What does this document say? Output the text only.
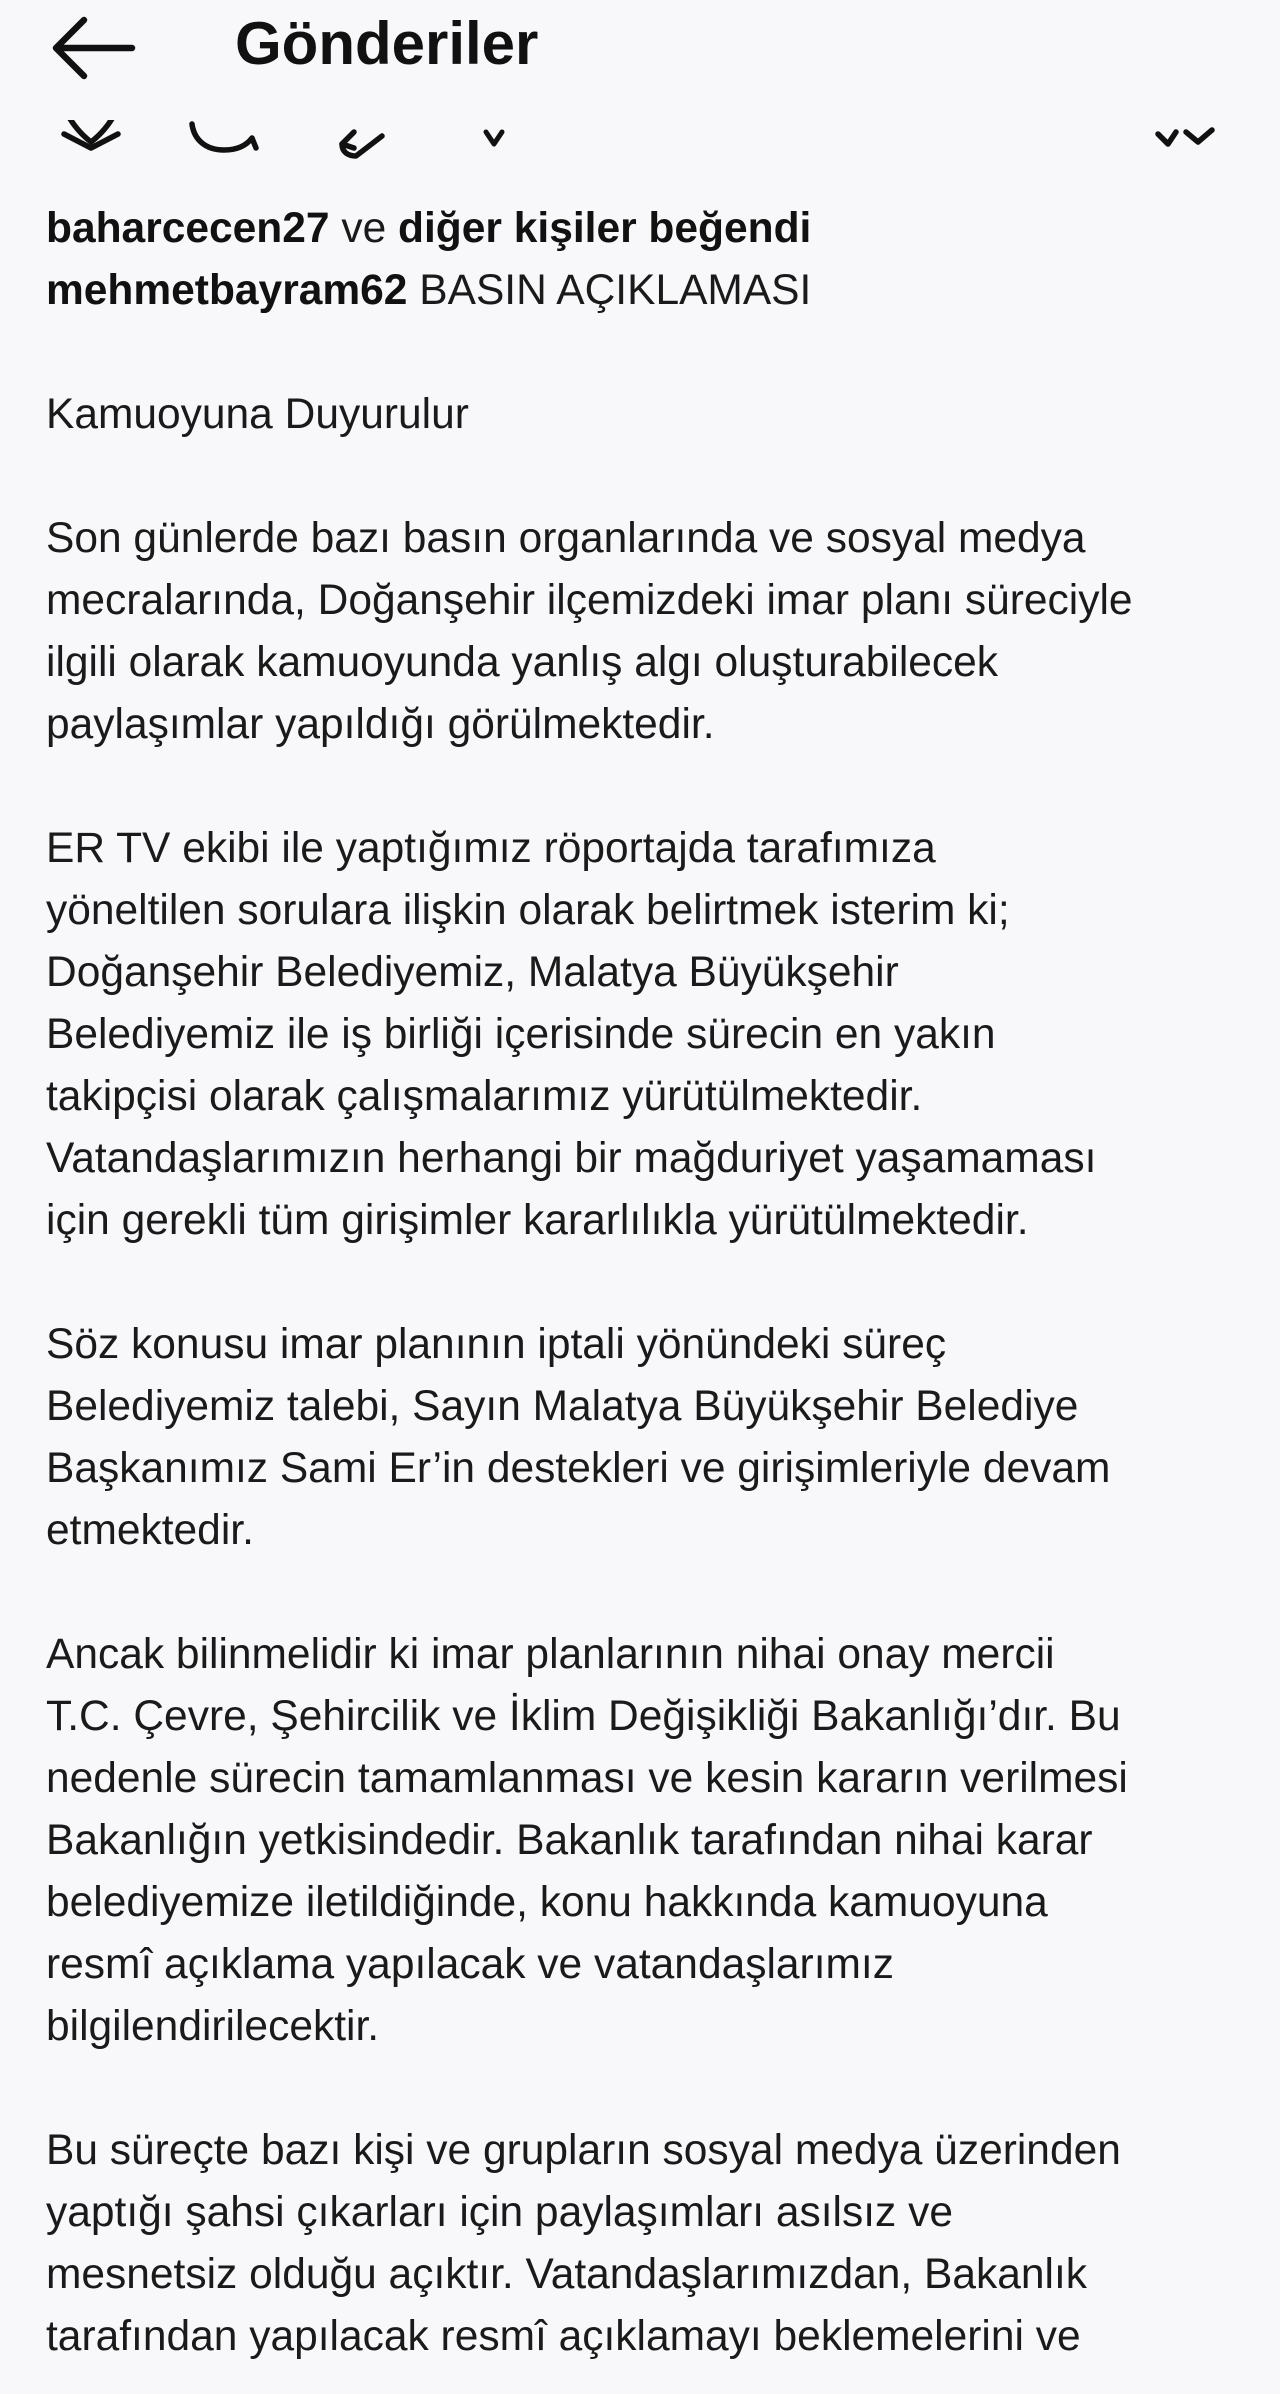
Gönderiler
baharcecen27 ve diğer kişiler beğendi
mehmetbayram62 BASIN AÇIKLAMASI

Kamuoyuna Duyurulur

Son günlerde bazı basın organlarında ve sosyal medya
mecralarında, Doğanşehir ilçemizdeki imar planı süreciyle
ilgili olarak kamuoyunda yanlış algı oluşturabilecek
paylaşımlar yapıldığı görülmektedir.

ER TV ekibi ile yaptığımız röportajda tarafımıza
yöneltilen sorulara ilişkin olarak belirtmek isterim ki;
Doğanşehir Belediyemiz, Malatya Büyükşehir
Belediyemiz ile iş birliği içerisinde sürecin en yakın
takipçisi olarak çalışmalarımız yürütülmektedir.
Vatandaşlarımızın herhangi bir mağduriyet yaşamaması
için gerekli tüm girişimler kararlılıkla yürütülmektedir.

Söz konusu imar planının iptali yönündeki süreç
Belediyemiz talebi, Sayın Malatya Büyükşehir Belediye
Başkanımız Sami Er’in destekleri ve girişimleriyle devam
etmektedir.

Ancak bilinmelidir ki imar planlarının nihai onay mercii
T.C. Çevre, Şehircilik ve İklim Değişikliği Bakanlığı’dır. Bu
nedenle sürecin tamamlanması ve kesin kararın verilmesi
Bakanlığın yetkisindedir. Bakanlık tarafından nihai karar
belediyemize iletildiğinde, konu hakkında kamuoyuna
resmî açıklama yapılacak ve vatandaşlarımız
bilgilendirilecektir.

Bu süreçte bazı kişi ve grupların sosyal medya üzerinden
yaptığı şahsi çıkarları için paylaşımları asılsız ve
mesnetsiz olduğu açıktır. Vatandaşlarımızdan, Bakanlık
tarafından yapılacak resmî açıklamayı beklemelerini ve
